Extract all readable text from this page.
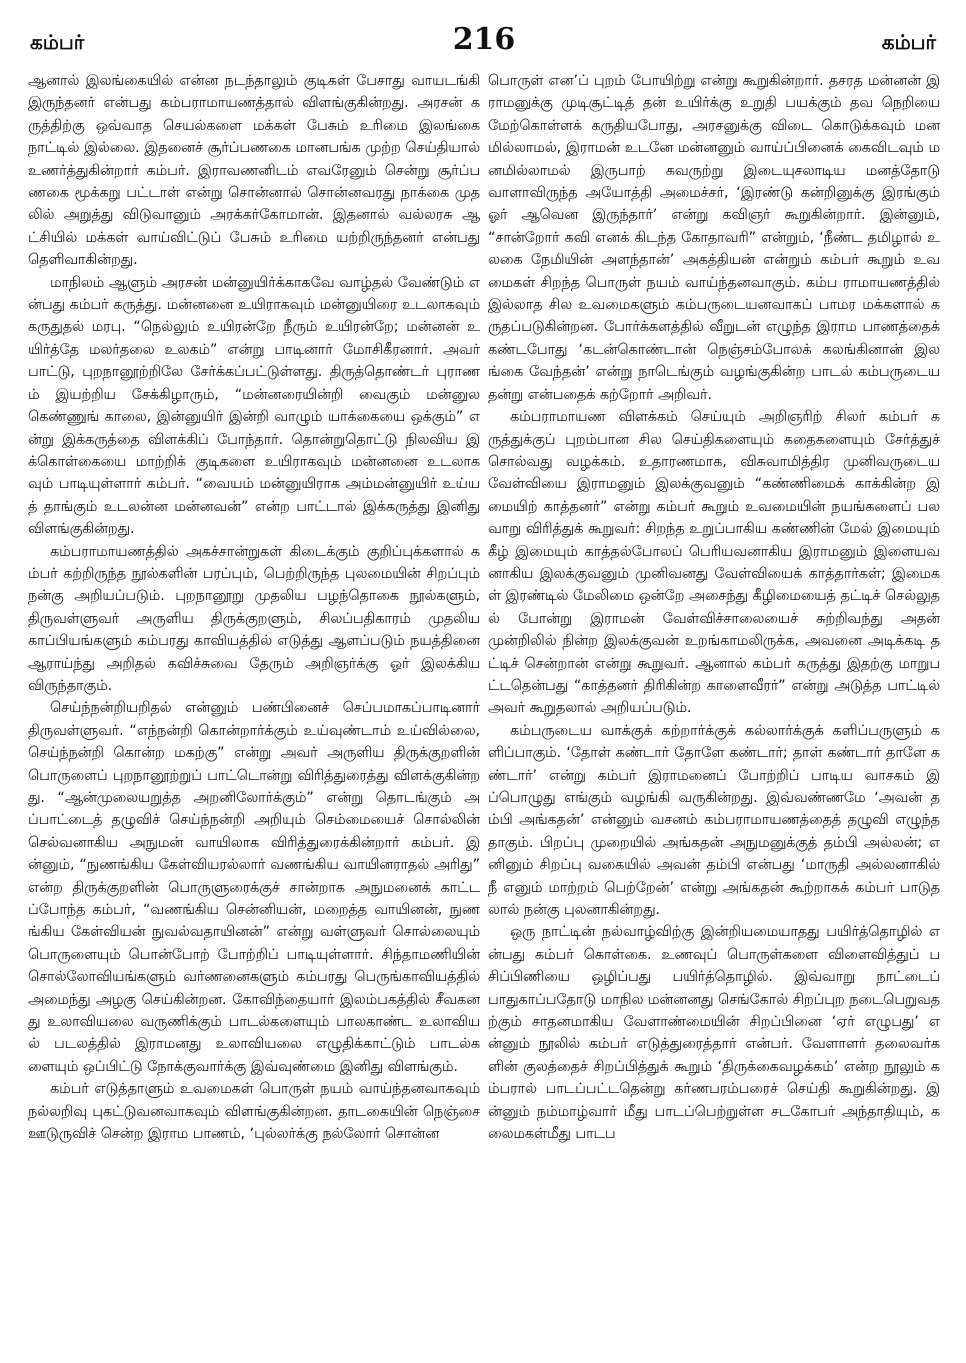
கம்பர்	216	கம்பர்

ஆனால் இலங்கையில் என்ன நடந்தாலும் குடிகள் பேசாது வாயடங்கி இருந்தனர் என்பது கம்பராமாயணத்தால் விளங்குகின்றது. அரசன் கருத்திற்கு ஒவ்வாத செயல்களை மக்கள் பேசும் உரிமை இலங்கை நாட்டில் இல்லை. இதனைச் சூர்ப்பணகை மானபங்க முற்ற செய்தியால் உணர்த்துகின்றார் கம்பர். இராவணனிடம் எவரேனும் சென்று சூர்ப்பணகை மூக்கறு பட்டாள் என்று சொன்னால் சொன்னவரது நாக்கை முதலில் அறுத்து விடுவானும் அரக்கர்கோமான். இதனால் வல்லரசு ஆட்சியில் மக்கள் வாய்விட்டுப் பேசும் உரிமை யற்றிருந்தனர் என்பது தெளிவாகின்றது.

மாநிலம் ஆளும் அரசன் மன்னுயிர்க்காகவே வாழ்தல் வேண்டும் என்பது கம்பர் கருத்து. மன்னனை உயிராகவும் மன்னுயிரை உடலாகவும் கருதுதல் மரபு. “நெல்லும் உயிரன்றே நீரும் உயிரன்றே; மன்னன் உயிர்த்தே மலர்தலை உலகம்” என்று பாடினார் மோசிகீரனார். அவர் பாட்டு, புறநானூற்றிலே சேர்க்கப்பட்டுள்ளது. திருத்தொண்டர் புராணம் இயற்றிய சேக்கிழாரும், “மன்னரையின்றி வைகும் மன்னுலகெண்ணுங் காலை, இன்னுயிர் இன்றி வாழும் யாக்கையை ஒக்கும்” என்று இக்கருத்தை விளக்கிப் போந்தார். தொன்றுதொட்டு நிலவிய இக்கொள்கையை மாற்றிக் குடிகளை உயிராகவும் மன்னனை உடலாகவும் பாடியுள்ளார் கம்பர். “வையம் மன்னுயிராக அம்மன்னுயிர் உய்யத் தாங்கும் உடலன்ன மன்னவன்” என்ற பாட்டால் இக்கருத்து இனிது விளங்குகின்றது.

கம்பராமாயணத்தில் அகச்சான்றுகள் கிடைக்கும் குறிப்புக்களால் கம்பர் கற்றிருந்த நூல்களின் பரப்பும், பெற்றிருந்த புலமையின் சிறப்பும் நன்கு அறியப்படும். புறநானூறு முதலிய பழந்தொகை நூல்களும், திருவள்ளுவர் அருளிய திருக்குறளும், சிலப்பதிகாரம் முதலிய காப்பியங்களும் கம்பரது காவியத்தில் எடுத்து ஆளப்படும் நயத்தினை ஆராய்ந்து அறிதல் கவிச்சுவை தேரும் அறிஞர்க்கு ஓர் இலக்கிய விருந்தாகும்.

செய்ந்நன்றியறிதல் என்னும் பண்பினைச் செப்பமாகப்பாடினார் திருவள்ளுவர். “எந்நன்றி கொன்றார்க்கும் உய்வுண்டாம் உய்வில்லை, செய்ந்நன்றி கொன்ற மகற்கு” என்று அவர் அருளிய திருக்குறளின் பொருளைப் புறநானூற்றுப் பாட்டொன்று விரித்துரைத்து விளக்குகின்றது. “ஆன்முலையறுத்த அறனிலோர்க்கும்” என்று தொடங்கும் அப்பாட்டைத் தழுவிச் செய்ந்நன்றி அறியும் செம்மையைச் சொல்லின் செல்வனாகிய அநுமன் வாயிலாக விரித்துரைக்கின்றார் கம்பர். இன்னும், “நுணங்கிய கேள்வியரல்லார் வணங்கிய வாயினராதல் அரிது” என்ற திருக்குறளின் பொருளுரைக்குச் சான்றாக அநுமனைக் காட்டப்போந்த கம்பர், “வணங்கிய சென்னியன், மறைத்த வாயினன், நுணங்கிய கேள்வியன் நுவல்வதாயினன்” என்று வள்ளுவர் சொல்லையும் பொருளையும் பொன்போற் போற்றிப் பாடியுள்ளார். சிந்தாமணியின் சொல்லோவியங்களும் வர்ணனைகளும் கம்பரது பெருங்காவியத்தில் அமைந்து அழகு செய்கின்றன. கோவிந்தையார் இலம்பகத்தில் சீவகனது உலாவியலை வருணிக்கும் பாடல்களையும் பாலகாண்ட உலாவியல் படலத்தில் இராமனது உலாவியலை எழுதிக்காட்டும் பாடல்களையும் ஒப்பிட்டு நோக்குவார்க்கு இவ்வுண்மை இனிது விளங்கும்.

கம்பர் எடுத்தாளும் உவமைகள் பொருள் நயம் வாய்ந்தனவாகவும் நல்லறிவு புகட்டுவனவாகவும் விளங்குகின்றன. தாடகையின் நெஞ்சை ஊடுருவிச் சென்ற இராம பாணம், ‘புல்லர்க்கு நல்லோர் சொன்ன

பொருள் என’ப் புறம் போயிற்று என்று கூறுகின்றார். தசரத மன்னன் இராமனுக்கு முடிசூட்டித் தன் உயிர்க்கு உறுதி பயக்கும் தவ நெறியை மேற்கொள்ளக் கருதியபோது, அரசனுக்கு விடை கொடுக்கவும் மனமில்லாமல், இராமன் உடனே மன்னனும் வாய்ப்பினைக் கைவிடவும் மனமில்லாமல் இருபாற் கவருற்று இடையுசலாடிய மனத்தோடு வாளாவிருந்த அயோத்தி அமைச்சர், ‘இரண்டு கன்றினுக்கு இரங்கும் ஓர் ஆவென இருந்தார்’ என்று கவிஞர் கூறுகின்றார். இன்னும், “சான்றோர் கவி எனக் கிடந்த கோதாவரி” என்றும், ‘நீண்ட தமிழால் உலகை நேமியின் அளந்தான்’ அகத்தியன் என்றும் கம்பர் கூறும் உவமைகள் சிறந்த பொருள் நயம் வாய்ந்தனவாகும். கம்ப ராமாயணத்தில் இல்லாத சில உவமைகளும் கம்பருடையனவாகப் பாமர மக்களால் கருதப்படுகின்றன. போர்க்களத்தில் வீறுடன் எழுந்த இராம பாணத்தைக் கண்டபோது ‘கடன்கொண்டான் நெஞ்சம்போலக் கலங்கினான் இலங்கை வேந்தன்’ என்று நாடெங்கும் வழங்குகின்ற பாடல் கம்பருடைய தன்று என்பதைக் கற்றோர் அறிவர்.

கம்பராமாயண விளக்கம் செய்யும் அறிஞரிற் சிலர் கம்பர் கருத்துக்குப் புறம்பான சில செய்திகளையும் கதைகளையும் சேர்த்துச் சொல்வது வழக்கம். உதாரணமாக, விசுவாமித்திர முனிவருடைய வேள்வியை இராமனும் இலக்குவனும் “கண்ணிமைக் காக்கின்ற இமையிற் காத்தனர்” என்று கம்பர் கூறும் உவமையின் நயங்களைப் பலவாறு விரித்துக் கூறுவர்: சிறந்த உறுப்பாகிய கண்ணின் மேல் இமையும் கீழ் இமையும் காத்தல்போலப் பெரியவனாகிய இராமனும் இளையவனாகிய இலக்குவனும் முனிவனது வேள்வியைக் காத்தார்கள்; இமைகள் இரண்டில் மேலிமை ஒன்றே அசைந்து கீழிமையைத் தட்டிச் செல்லுதல் போன்று இராமன் வேள்விச்சாலையைச் சுற்றிவந்து அதன் முன்றிலில் நின்ற இலக்குவன் உறங்காமலிருக்க, அவனை அடிக்கடி தட்டிச் சென்றான் என்று கூறுவர். ஆனால் கம்பர் கருத்து இதற்கு மாறுபட்டதென்பது “காத்தனர் திரிகின்ற காளைவீரர்” என்று அடுத்த பாட்டில் அவர் கூறுதலால் அறியப்படும்.

கம்பருடைய வாக்குக் கற்றார்க்குக் கல்லார்க்குக் களிப்பருளும் களிப்பாகும். ‘தோள் கண்டார் தோளே கண்டார்; தாள் கண்டார் தாளே கண்டார்’ என்று கம்பர் இராமனைப் போற்றிப் பாடிய வாசகம் இப்பொழுது எங்கும் வழங்கி வருகின்றது. இவ்வண்ணமே ‘அவன் தம்பி அங்கதன்’ என்னும் வசனம் கம்பராமாயணத்தைத் தழுவி எழுந்ததாகும். பிறப்பு முறையில் அங்கதன் அநுமனுக்குத் தம்பி அல்லன்; எனினும் சிறப்பு வகையில் அவன் தம்பி என்பது ‘மாருதி அல்லனாகில் நீ எனும் மாற்றம் பெற்றேன்’ என்று அங்கதன் கூற்றாகக் கம்பர் பாடுதலால் நன்கு புலனாகின்றது.

ஒரு நாட்டின் நல்வாழ்விற்கு இன்றியமையாதது பயிர்த்தொழில் என்பது கம்பர் கொள்கை. உணவுப் பொருள்களை விளைவித்துப் பசிப்பிணியை ஒழிப்பது பயிர்த்தொழில். இவ்வாறு நாட்டைப் பாதுகாப்பதோடு மாநில மன்னனது செங்கோல் சிறப்புற நடைபெறுவதற்கும் சாதனமாகிய வேளாண்மையின் சிறப்பினை ‘ஏர் எழுபது’ என்னும் நூலில் கம்பர் எடுத்துரைத்தார் என்பர். வேளாளர் தலைவர்களின் குலத்தைச் சிறப்பித்துக் கூறும் ‘திருக்கைவழக்கம்’ என்ற நூலும் கம்பரால் பாடப்பட்டதென்று கர்ணபரம்பரைச் செய்தி கூறுகின்றது. இன்னும் நம்மாழ்வார் மீது பாடப்பெற்றுள்ள சடகோபர் அந்தாதியும், கலைமகள்மீது பாடப
